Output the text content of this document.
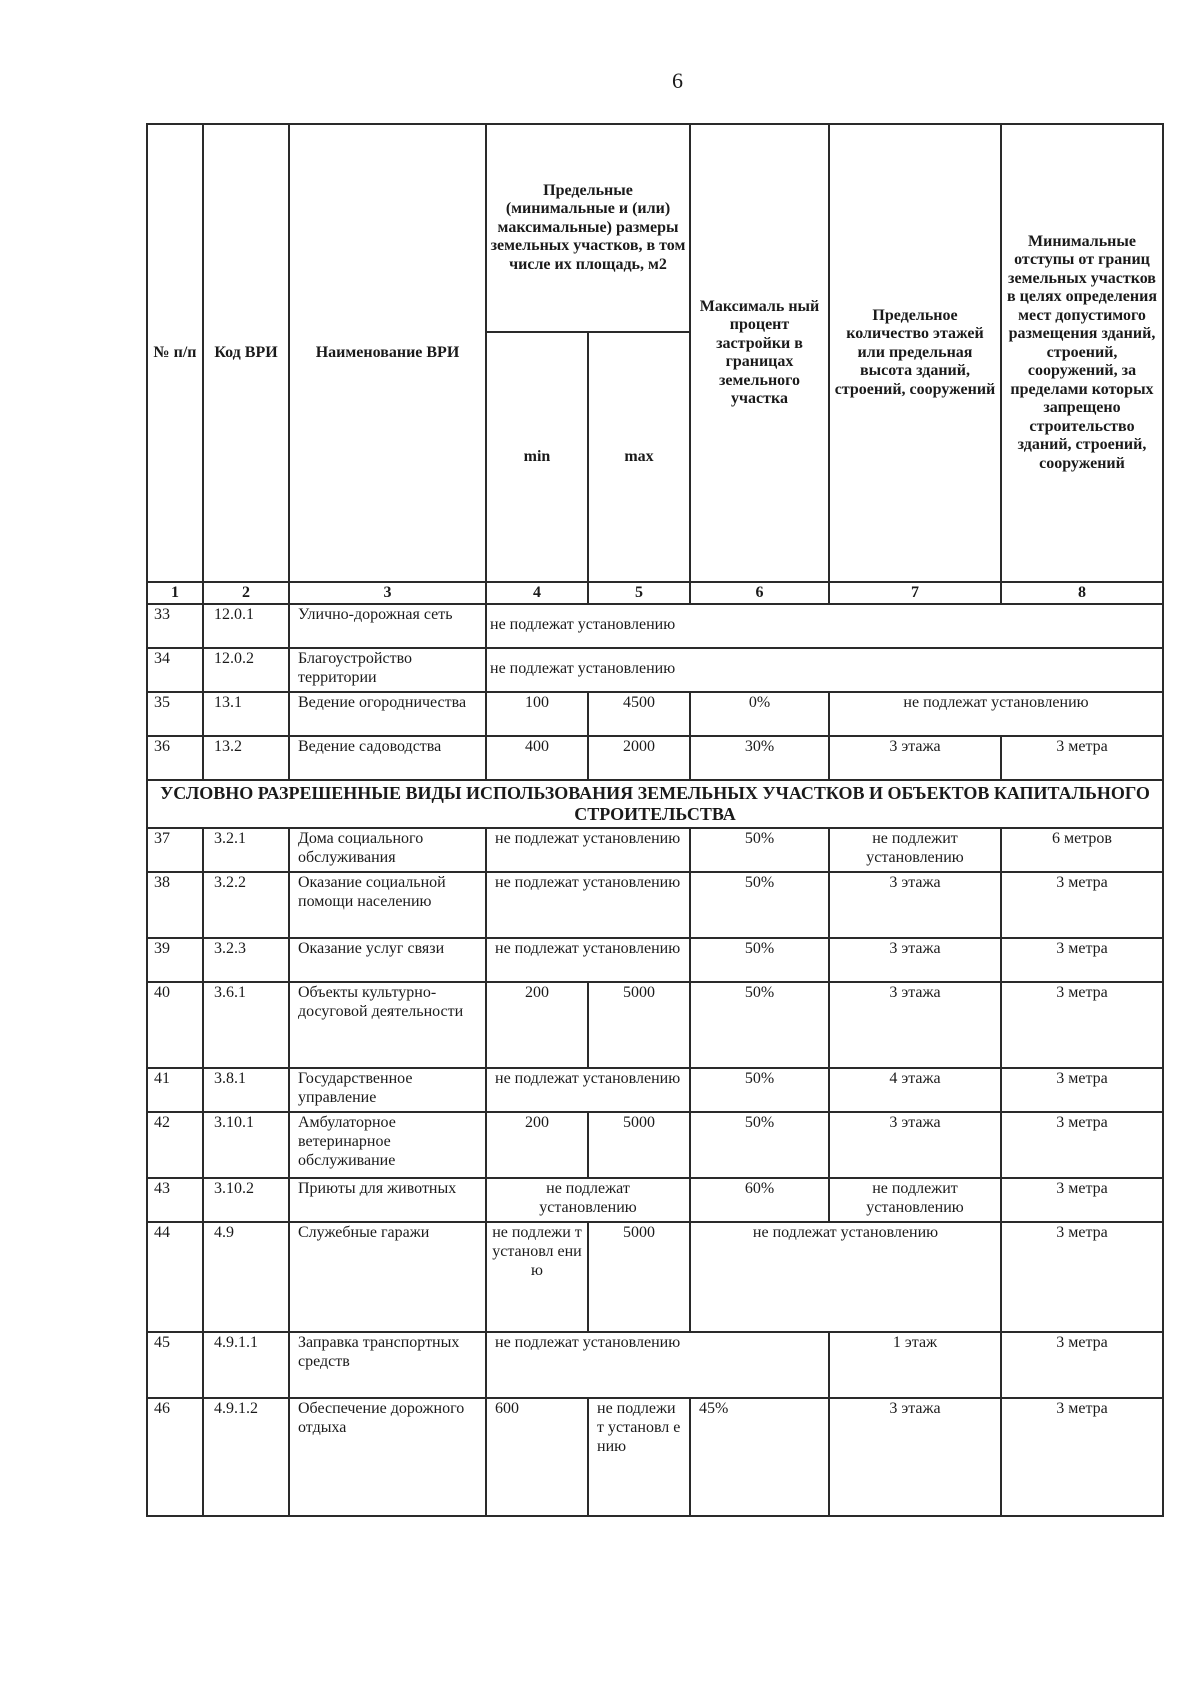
6
№ п/п	Код ВРИ	Наименование ВРИ	Предельные (минимальные и (или) максимальные) размеры земельных участков, в том числе их площадь, м2		Максималь ный процент застройки в границах земельного участка	Предельное количество этажей или предельная высота зданий, строений, сооружений	Минимальные отступы от границ земельных участков в целях определения мест допустимого размещения зданий, строений, сооружений, за пределами которых запрещено строительство зданий, строений, сооружений
			min	max			
1	2	3	4	5	6	7	8
33	12.0.1	Улично-дорожная сеть	не подлежат установлению				
34	12.0.2	Благоустройство территории	не подлежат установлению				
35	13.1	Ведение огородничества	100	4500	0%	не подлежат установлению	
36	13.2	Ведение садоводства	400	2000	30%	3 этажа	3 метра
УСЛОВНО РАЗРЕШЕННЫЕ ВИДЫ ИСПОЛЬЗОВАНИЯ ЗЕМЕЛЬНЫХ УЧАСТКОВ И ОБЪЕКТОВ КАПИТАЛЬНОГО СТРОИТЕЛЬСТВА							
37	3.2.1	Дома социального обслуживания	не подлежат установлению		50%	не подлежит установлению	6 метров
38	3.2.2	Оказание социальной помощи населению	не подлежат установлению		50%	3 этажа	3 метра
39	3.2.3	Оказание услуг связи	не подлежат установлению		50%	3 этажа	3 метра
40	3.6.1	Объекты культурно-досуговой деятельности	200	5000	50%	3 этажа	3 метра
41	3.8.1	Государственное управление	не подлежат установлению		50%	4 этажа	3 метра
42	3.10.1	Амбулаторное ветеринарное обслуживание	200	5000	50%	3 этажа	3 метра
43	3.10.2	Приюты для животных	не подлежат установлению		60%	не подлежит установлению	3 метра
44	4.9	Служебные гаражи	не подлежи т установл ению	5000	не подлежат установлению		3 метра
45	4.9.1.1	Заправка транспортных средств	не подлежат установлению			1 этаж	3 метра
46	4.9.1.2	Обеспечение дорожного отдыха	600	не подлежи т установл ению	45%	3 этажа	3 метра
